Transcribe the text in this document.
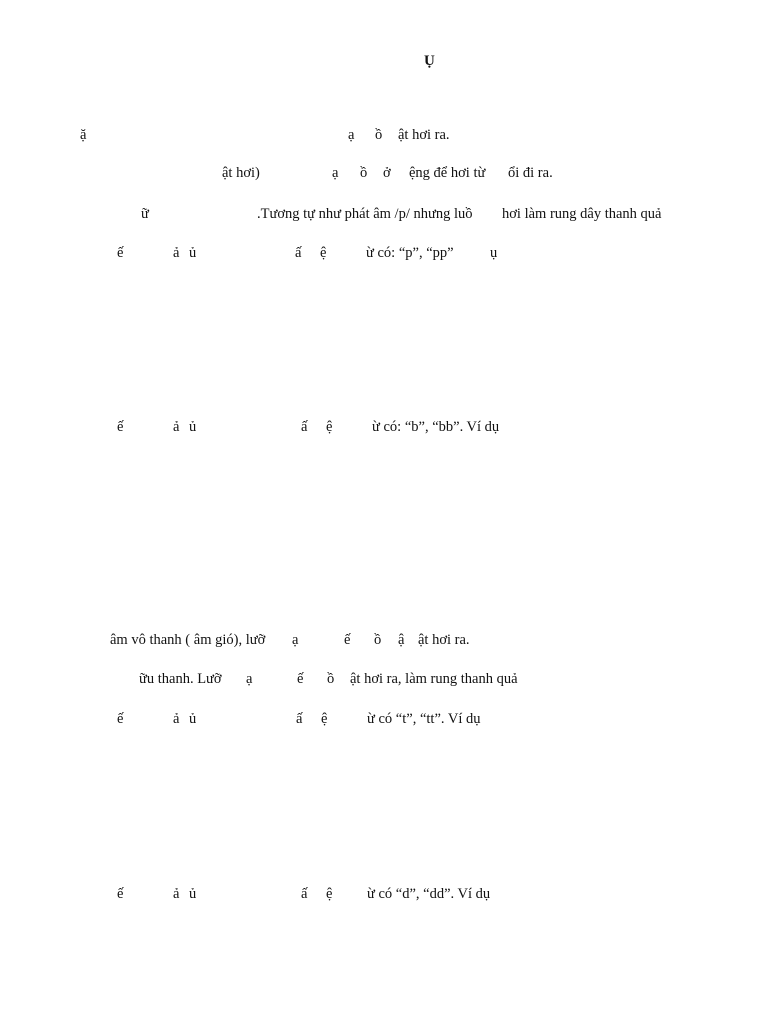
Ụ
ặ	ạ ồ ật hơi ra.
ật hơi)	ạ ồ ở ệng để hơi từ ổi đi ra.
ữ	.Tương tự như phát âm /p/ nhưng luồ hơi làm rung dây thanh quả
ế	ả ủ	ấ ệ	ừ có: “p”, “pp”	ụ
ế	ả ủ	ấ ệ	ừ có: “b”, “bb”. Ví dụ
âm vô thanh ( âm gió), lưỡ ạ	ế ồ ậ ật hơi ra.
ữu thanh. Lưỡ ạ	ế ồ ật hơi ra, làm rung thanh quả
ế	ả ủ	ấ ệ	ừ có “t”, “tt”. Ví dụ
ế	ả ủ	ấ ệ ừ có “d”, “dd”. Ví dụ
